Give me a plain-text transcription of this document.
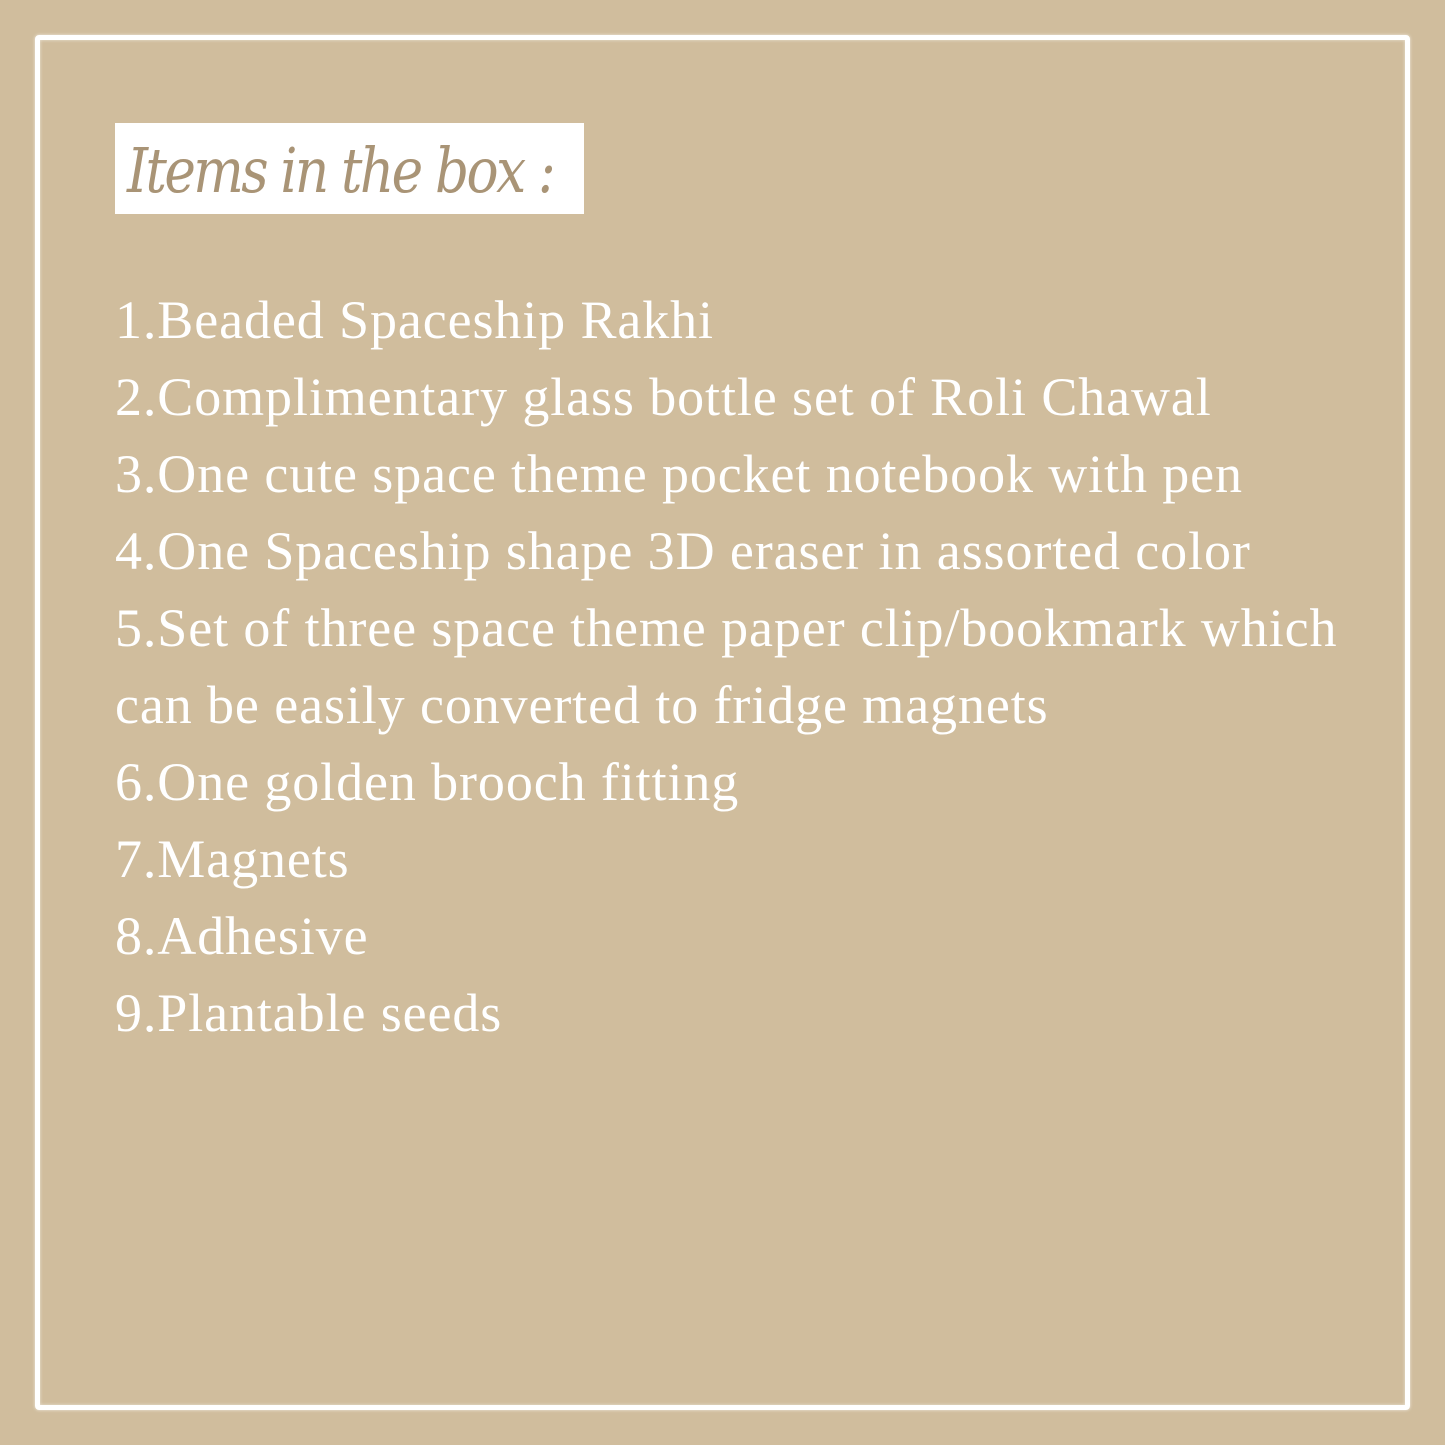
Items in the box :
1.Beaded Spaceship Rakhi
2.Complimentary glass bottle set of Roli Chawal
3.One cute space theme pocket notebook with pen
4.One Spaceship shape 3D eraser in assorted color
5.Set of three space theme paper clip/bookmark which can be easily converted to fridge magnets
6.One golden brooch fitting
7.Magnets
8.Adhesive
9.Plantable seeds
